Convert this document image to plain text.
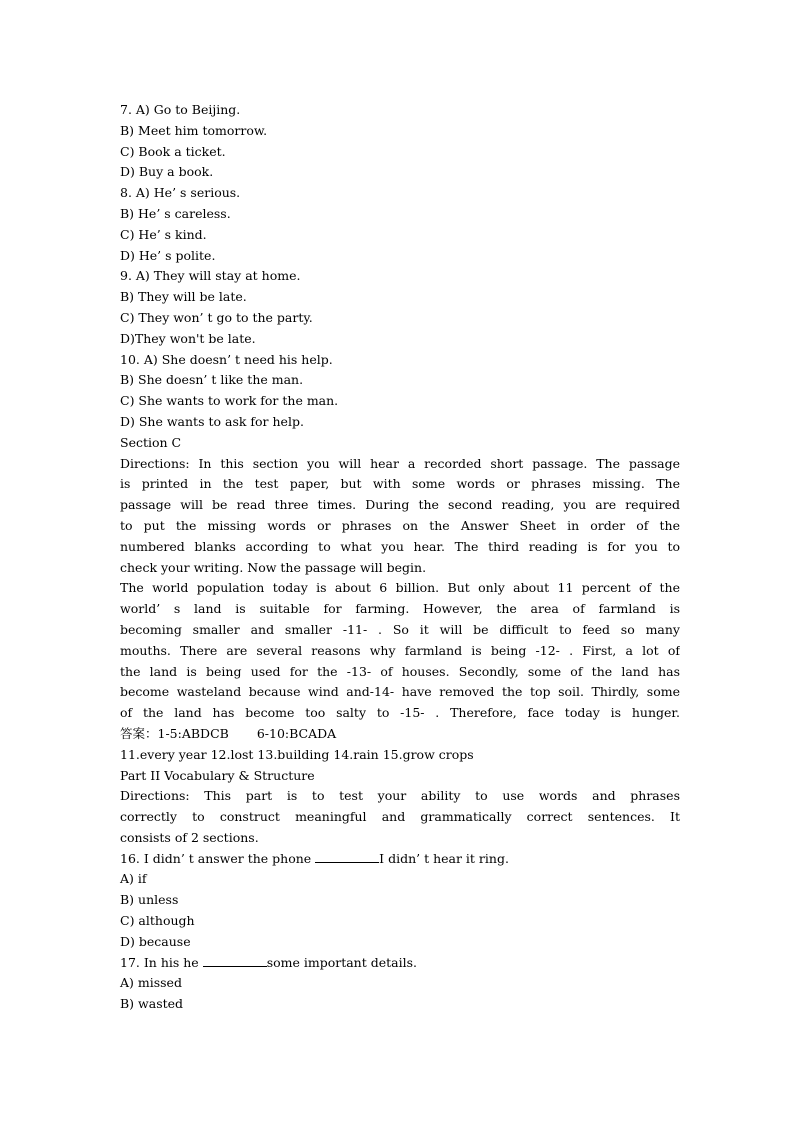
7. A) Go to Beijing.
B) Meet him tomorrow.
C) Book a ticket.
D) Buy a book.
8. A) He’ s serious.
B) He’ s careless.
C) He’ s kind.
D) He’ s polite.
9. A) They will stay at home.
B) They will be late.
C) They won’ t go to the party.
D)They won't be late.
10. A) She doesn’ t need his help.
B) She doesn’ t like the man.
C) She wants to work for the man.
D) She wants to ask for help.
Section C
Directions: In this section you will hear a recorded short passage. The passage
is printed in the test paper, but with some words or phrases missing. The
passage will be read three times. During the second reading, you are required
to put the missing words or phrases on the Answer Sheet in order of the
numbered blanks according to what you hear. The third reading is for you to
check your writing. Now the passage will begin.
The world population today is about 6 billion. But only about 11 percent of the
world’ s land is suitable for farming. However, the area of farmland is
becoming smaller and smaller -11- . So it will be difficult to feed so many
mouths. There are several reasons why farmland is being -12- . First, a lot of
the land is being used for the -13- of houses. Secondly, some of the land has
become wasteland because wind and-14- have removed the top soil. Thirdly, some
of the land has become too salty to -15- . Therefore, face today is hunger.
答案：1-5:ABDCB 6-10:BCADA
11.every year 12.lost 13.building 14.rain 15.grow crops
Part II Vocabulary & Structure
Directions: This part is to test your ability to use words and phrases
correctly to construct meaningful and grammatically correct sentences. It
consists of 2 sections.
16. I didn’ t answer the phone	I didn’ t hear it ring.
A) if
B) unless
C) although
D) because
17. In his he	some important details.
A) missed
B) wasted
